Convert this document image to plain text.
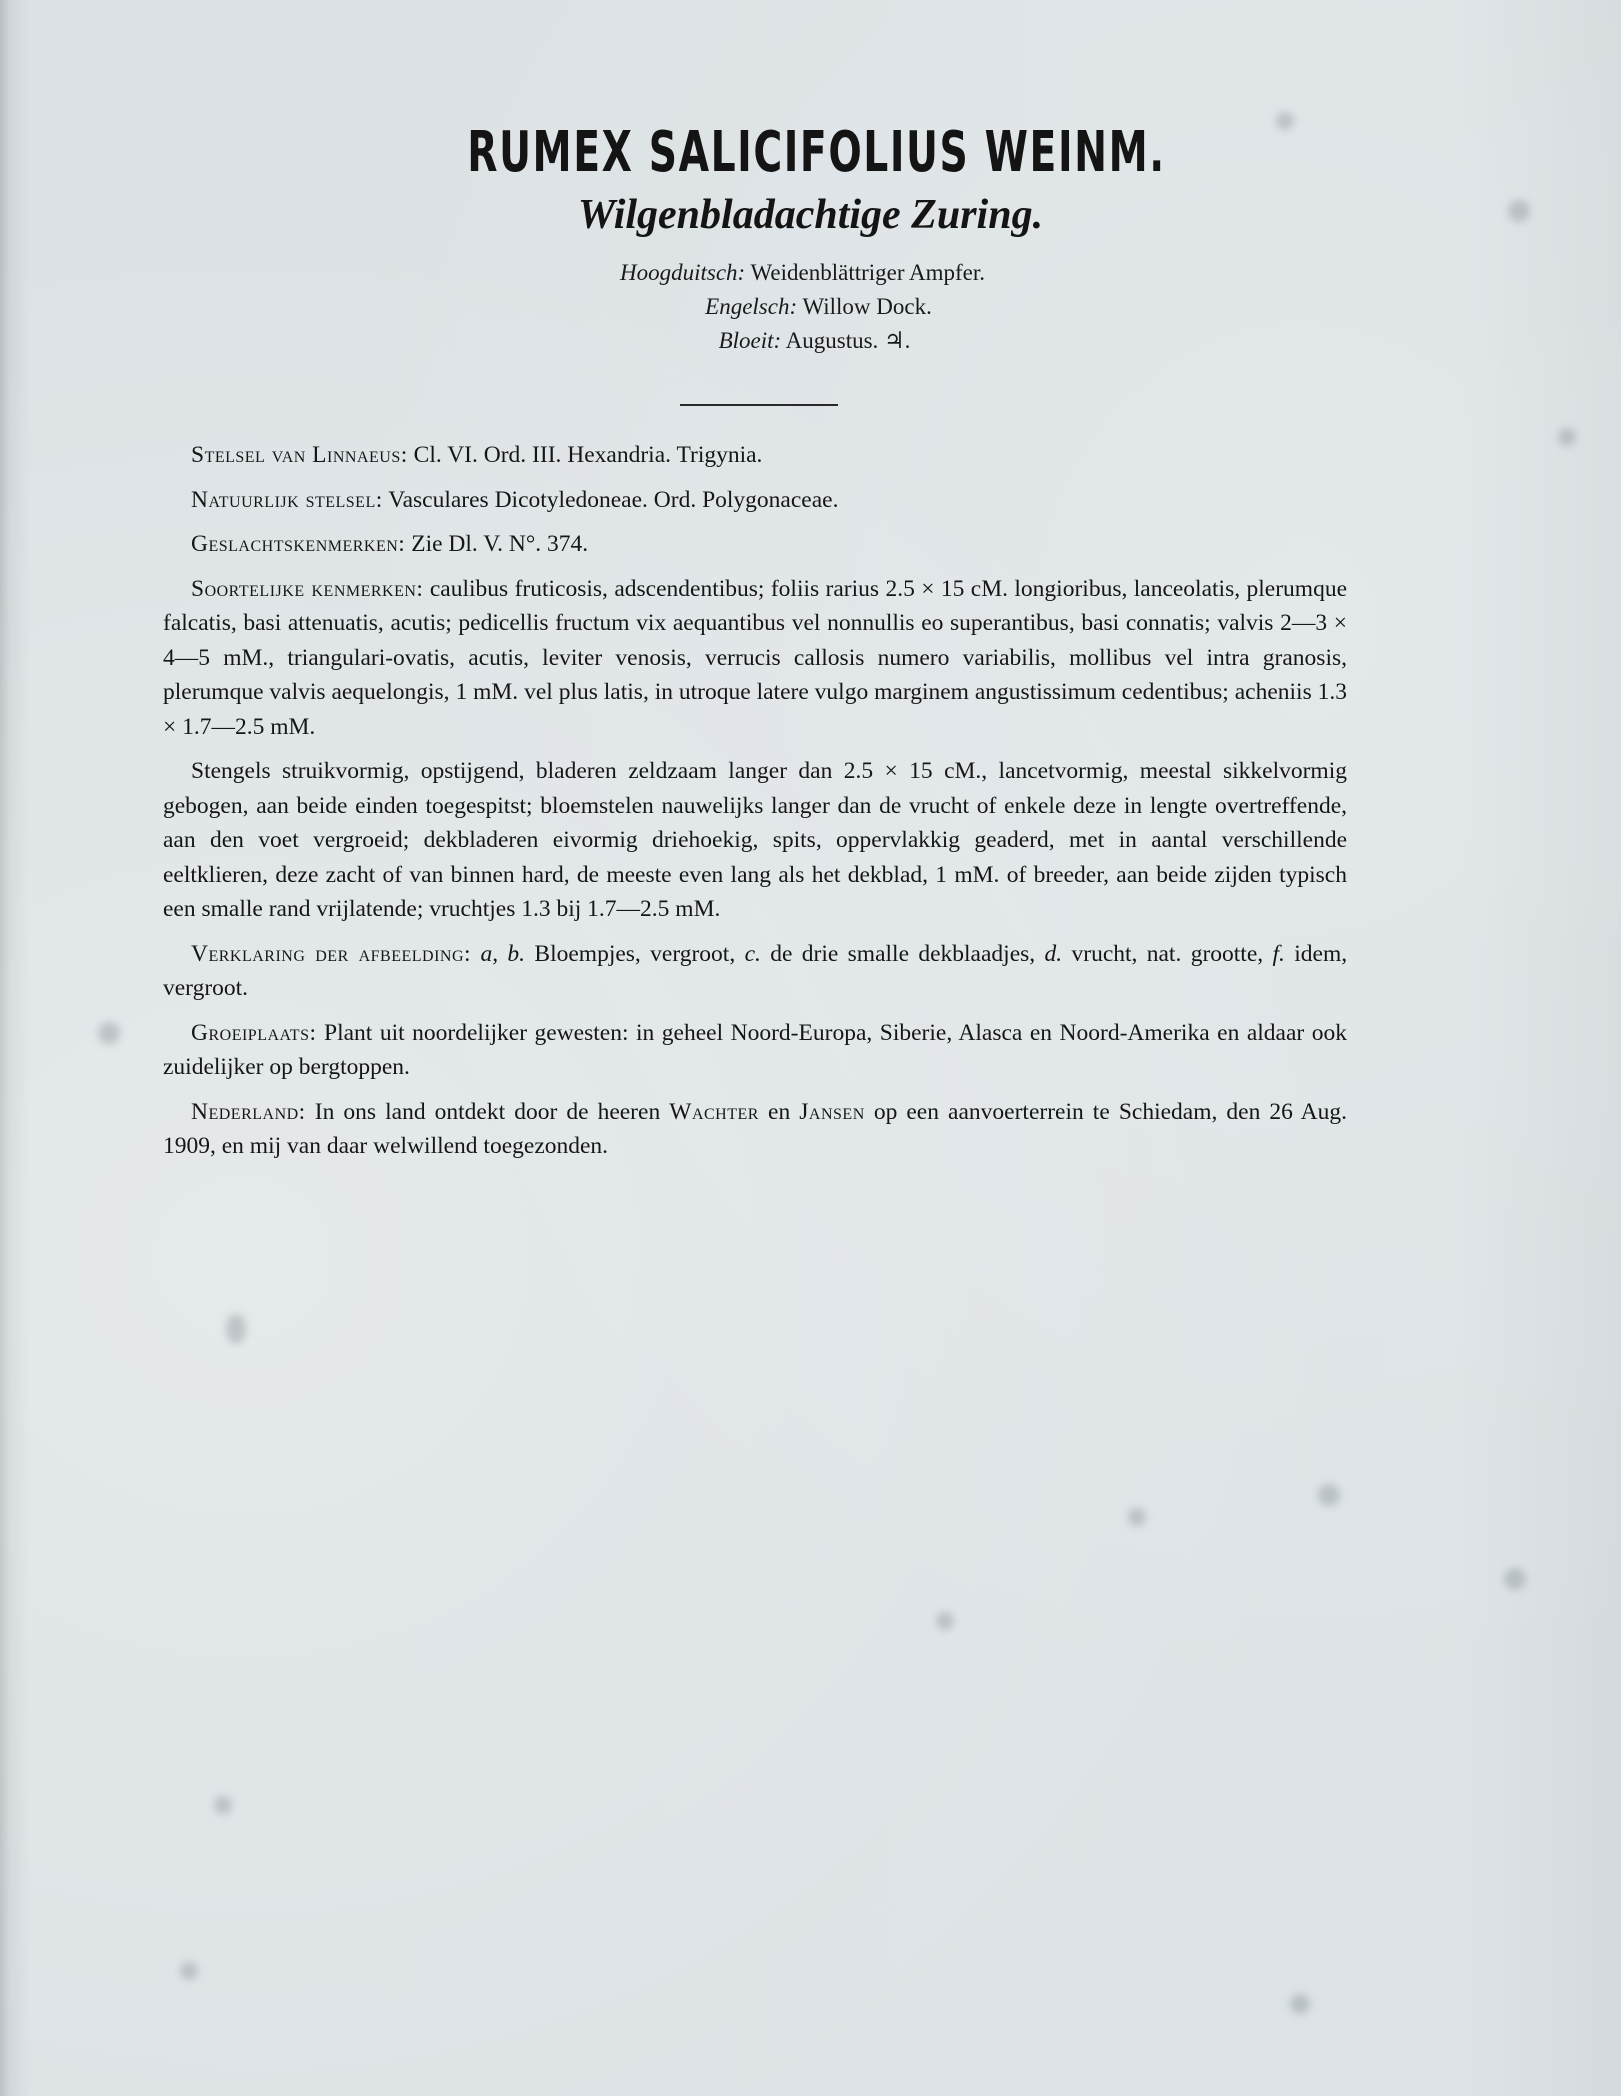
RUMEX SALICIFOLIUS WEINM.
Wilgenbladachtige Zuring.
Hoogduitsch: Weidenblättriger Ampfer.
Engelsch: Willow Dock.
Bloeit: Augustus. ♃.

Stelsel van Linnaeus: Cl. VI. Ord. III. Hexandria. Trigynia.

Natuurlijk stelsel: Vasculares Dicotyledoneae. Ord. Polygonaceae.

Geslachtskenmerken: Zie Dl. V. N°. 374.

Soortelijke kenmerken: caulibus fruticosis, adscendentibus; foliis rarius 2.5 × 15 cM. longioribus, lanceolatis, plerumque falcatis, basi attenuatis, acutis; pedicellis fructum vix aequantibus vel nonnullis eo superantibus, basi connatis; valvis 2—3 × 4—5 mM., triangulari-ovatis, acutis, leviter venosis, verrucis callosis numero variabilis, mollibus vel intra granosis, plerumque valvis aequelongis, 1 mM. vel plus latis, in utroque latere vulgo marginem angustissimum cedentibus; acheniis 1.3 × 1.7—2.5 mM.

Stengels struikvormig, opstijgend, bladeren zeldzaam langer dan 2.5 × 15 cM., lancetvormig, meestal sikkelvormig gebogen, aan beide einden toegespitst; bloemstelen nauwelijks langer dan de vrucht of enkele deze in lengte overtreffende, aan den voet vergroeid; dekbladeren eivormig driehoekig, spits, oppervlakkig geaderd, met in aantal verschillende eeltklieren, deze zacht of van binnen hard, de meeste even lang als het dekblad, 1 mM. of breeder, aan beide zijden typisch een smalle rand vrijlatende; vruchtjes 1.3 bij 1.7—2.5 mM.

Verklaring der afbeelding: a, b. Bloempjes, vergroot, c. de drie smalle dekblaadjes, d. vrucht, nat. grootte, f. idem, vergroot.

Groeiplaats: Plant uit noordelijker gewesten: in geheel Noord-Europa, Siberie, Alasca en Noord-Amerika en aldaar ook zuidelijker op bergtoppen.

Nederland: In ons land ontdekt door de heeren Wachter en Jansen op een aanvoerterrein te Schiedam, den 26 Aug. 1909, en mij van daar welwillend toegezonden.
